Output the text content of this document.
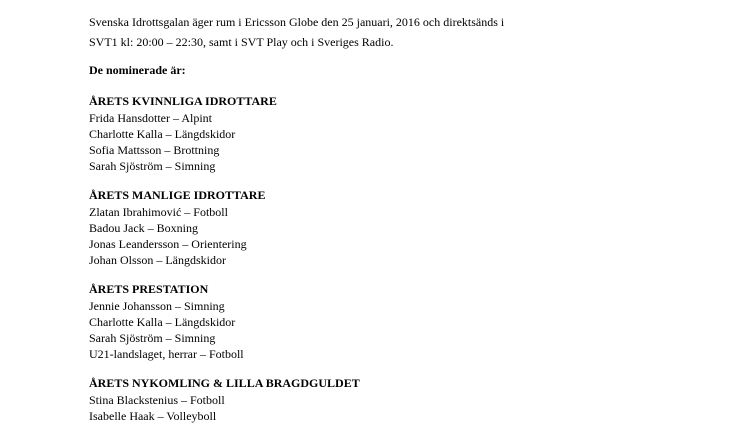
Svenska Idrottsgalan äger rum i Ericsson Globe den 25 januari, 2016 och direktsänds i
SVT1 kl: 20:00 – 22:30, samt i SVT Play och i Sveriges Radio.

De nominerade är:

ÅRETS KVINNLIGA IDROTTARE

Frida Hansdotter – Alpint

Charlotte Kalla – Längdskidor

Sofia Mattsson – Brottning

Sarah Sjöström – Simning

ÅRETS MANLIGE IDROTTARE

Zlatan Ibrahimović – Fotboll

Badou Jack – Boxning

Jonas Leandersson – Orientering

Johan Olsson – Längdskidor

ÅRETS PRESTATION

Jennie Johansson – Simning

Charlotte Kalla – Längdskidor

Sarah Sjöström – Simning

U21-landslaget, herrar – Fotboll

ÅRETS NYKOMLING & LILLA BRAGDGULDET

Stina Blackstenius – Fotboll

Isabelle Haak – Volleyboll
